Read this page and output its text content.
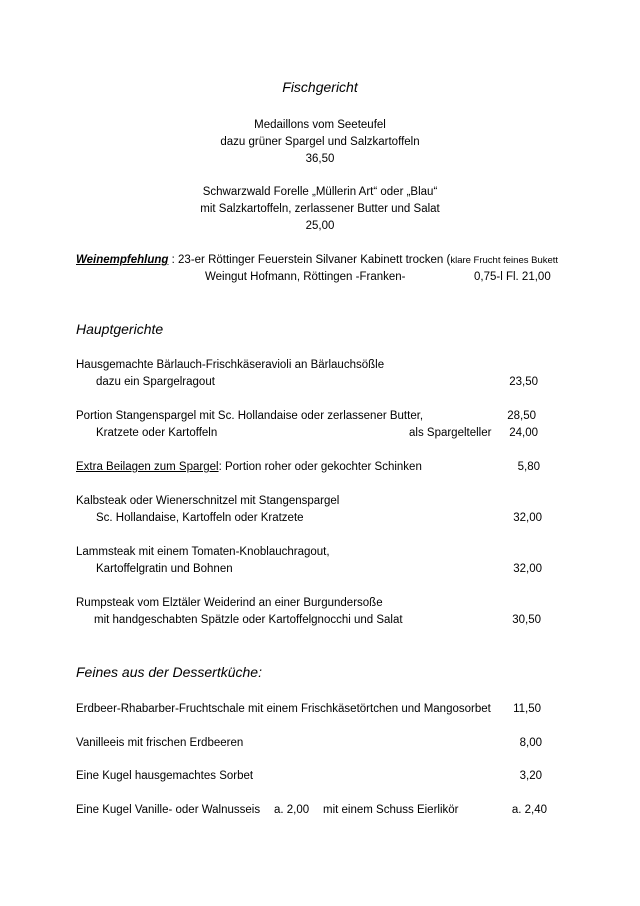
Fischgericht
Medaillons vom Seeteufel
dazu grüner Spargel und Salzkartoffeln
36,50
Schwarzwald Forelle „Müllerin Art“ oder „Blau“
mit Salzkartoffeln, zerlassener Butter und Salat
25,00
Weinempfehlung : 23-er Röttinger Feuerstein Silvaner Kabinett trocken (klare Frucht feines Bukett
Weingut Hofmann, Röttingen -Franken-	0,75-l Fl. 21,00
Hauptgerichte
Hausgemachte Bärlauch-Frischkäseravioli an Bärlauchsößle
dazu ein Spargelragout	23,50
Portion Stangenspargel mit Sc. Hollandaise oder zerlassener Butter,	28,50
Kratzete oder Kartoffeln	als Spargelteller	24,00
Extra Beilagen zum Spargel: Portion roher oder gekochter Schinken	5,80
Kalbsteak oder Wienerschnitzel mit Stangenspargel
Sc. Hollandaise, Kartoffeln oder Kratzete	32,00
Lammsteak mit einem Tomaten-Knoblauchragout,
Kartoffelgratin und Bohnen	32,00
Rumpsteak vom Elztäler Weiderind an einer Burgundersoße
mit handgeschabten Spätzle oder Kartoffelgnocchi und Salat	30,50
Feines aus der Dessertküche:
Erdbeer-Rhabarber-Fruchtschale mit einem Frischkäsetörtchen und Mangosorbet	11,50
Vanilleeis mit frischen Erdbeeren	8,00
Eine Kugel hausgemachtes Sorbet	3,20
Eine Kugel Vanille- oder Walnusseis a. 2,00 mit einem Schuss Eierlikör	a. 2,40
